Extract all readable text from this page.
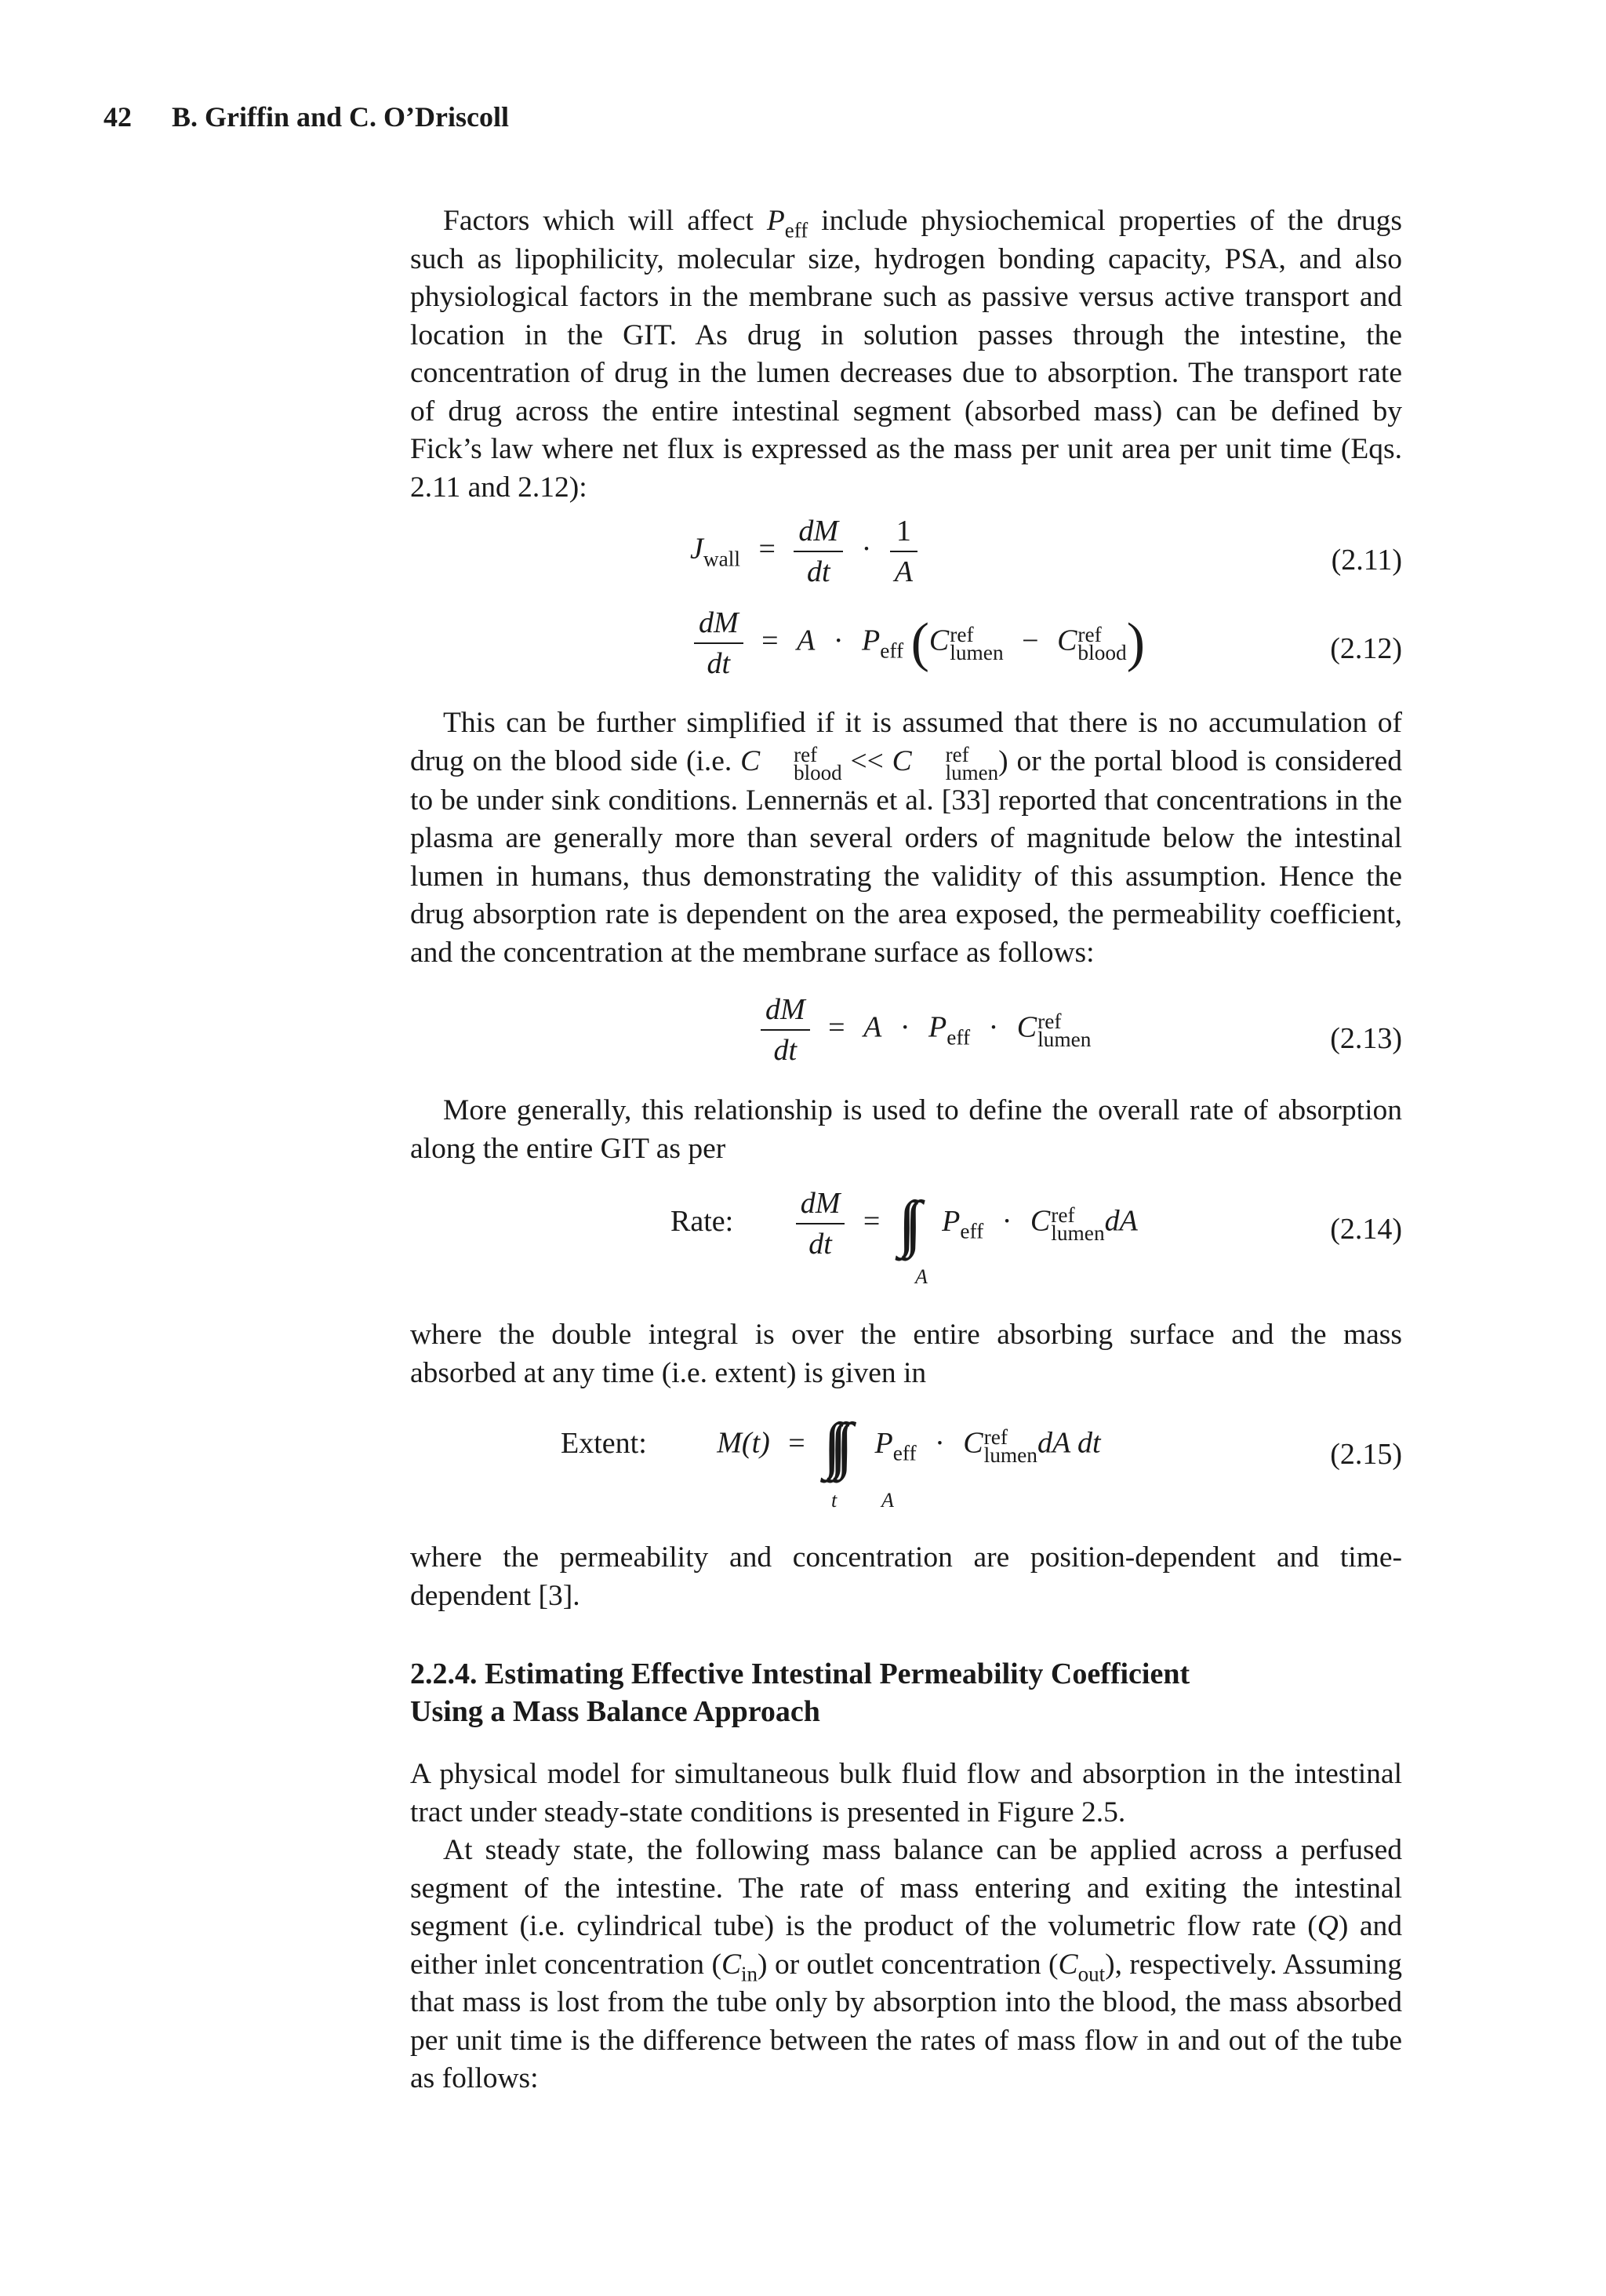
42 B. Griffin and C. O’Driscoll

Factors which will affect $P_{eff}$ include physiochemical properties of the drugs such as lipophilicity, molecular size, hydrogen bonding capacity, PSA, and also physiological factors in the membrane such as passive versus active transport and location in the GIT. As drug in solution passes through the intestine, the concentration of drug in the lumen decreases due to absorption. The transport rate of drug across the entire intestinal segment (absorbed mass) can be defined by Fick’s law where net flux is expressed as the mass per unit area per unit time (Eqs. 2.11 and 2.12):

$J_{wall} = \frac{dM}{dt} \cdot \frac{1}{A}$	(2.11)
$\frac{dM}{dt} = A \cdot P_{eff}$ (C ref
lumen − C ref
blood )	(2.12)

This can be further simplified if it is assumed that there is no accumulation of drug on the blood side (i.e. C	ref
blood << C	ref
lumen ) or the portal blood is considered to be under sink conditions. Lennernäs et al. [33] reported that concentrations in the plasma are generally more than several orders of magnitude below the intestinal lumen in humans, thus demonstrating the validity of this assumption. Hence the drug absorption rate is dependent on the area exposed, the permeability coefficient, and the concentration at the membrane surface as follows:

$\frac{dM}{dt} = A \cdot P_{eff} \cdot C$ ref
lumen	(2.13)

More generally, this relationship is used to define the overall rate of absorption along the entire GIT as per

Rate: $\frac{dM}{dt}$ = ∫∫ $P_{eff} \cdot C$ ref
lumen dA
A
(2.14)

where the double integral is over the entire absorbing surface and the mass absorbed at any time (i.e. extent) is given in

Extent: M(t) = ∫∫∫ $P_{eff} \cdot C$ ref
lumen dA dt
t A
(2.15)

where the permeability and concentration are position-dependent and time-dependent [3].

2.2.4. Estimating Effective Intestinal Permeability Coefficient
Using a Mass Balance Approach

A physical model for simultaneous bulk fluid flow and absorption in the intestinal tract under steady-state conditions is presented in Figure 2.5.

At steady state, the following mass balance can be applied across a perfused segment of the intestine. The rate of mass entering and exiting the intestinal segment (i.e. cylindrical tube) is the product of the volumetric flow rate (Q) and either inlet concentration $(C_{in})$ or outlet concentration $(C_{out})$, respectively. Assuming that mass is lost from the tube only by absorption into the blood, the mass absorbed per unit time is the difference between the rates of mass flow in and out of the tube as follows:
